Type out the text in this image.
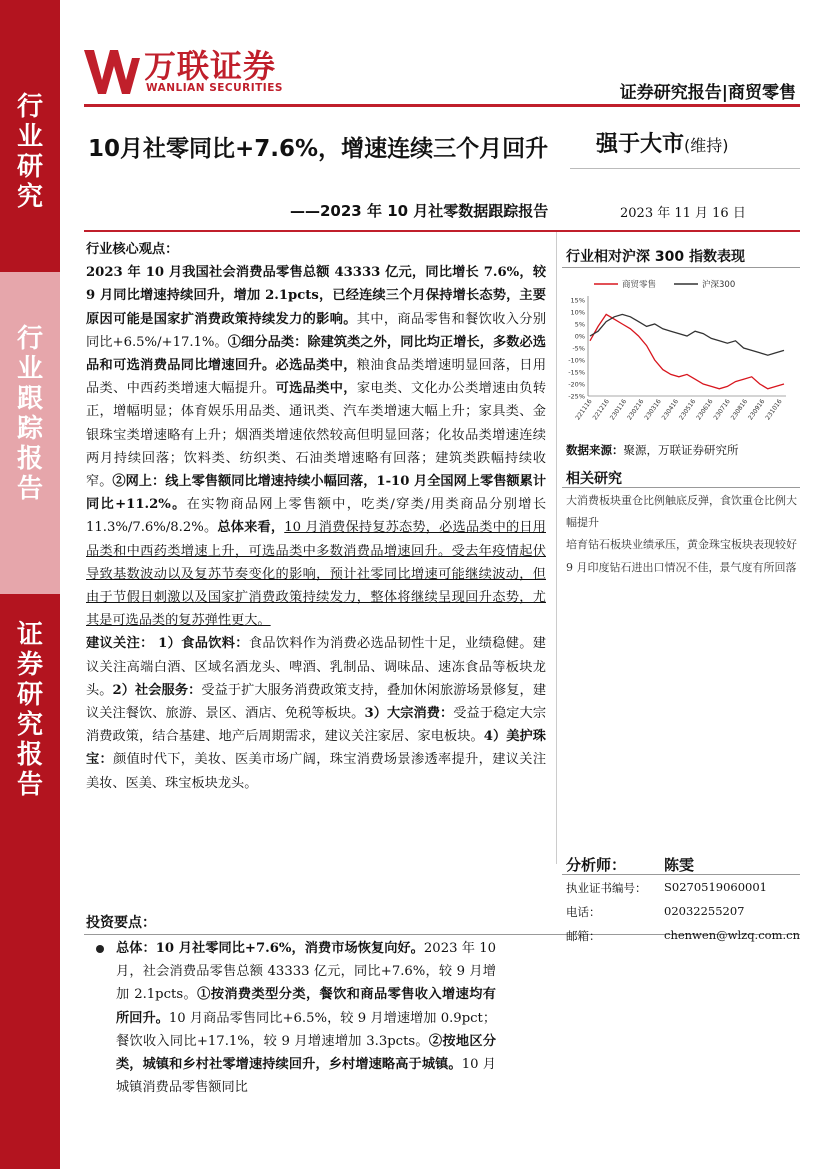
行业研究
行业跟踪报告
证券研究报告
万联证券
WANLIAN SECURITIES	证券研究报告|商贸零售
10月社零同比+7.6%，增速连续三个月回升
——2023 年 10 月社零数据跟踪报告
强于大市(维持)
2023 年 11 月 16 日
行业核心观点：
2023 年 10 月我国社会消费品零售总额 43333 亿元，同比增长 7.6%，较 9 月同比增速持续回升，增加 2.1pcts，已经连续三个月保持增长态势，主要原因可能是国家扩消费政策持续发力的影响。其中，商品零售和餐饮收入分别同比+6.5%/+17.1%。①细分品类：除建筑类之外，同比均正增长，多数必选品和可选消费品同比增速回升。必选品类中，粮油食品类增速明显回落，日用品类、中西药类增速大幅提升。可选品类中，家电类、文化办公类增速由负转正，增幅明显；体育娱乐用品类、通讯类、汽车类增速大幅上升；家具类、金银珠宝类增速略有上升；烟酒类增速依然较高但明显回落；化妆品类增速连续两月持续回落；饮料类、纺织类、石油类增速略有回落；建筑类跌幅持续收窄。②网上：线上零售额同比增速持续小幅回落，1-10 月全国网上零售额累计同比+11.2%。在实物商品网上零售额中，吃类/穿类/用类商品分别增长 11.3%/7.6%/8.2%。总体来看，10 月消费保持复苏态势，必选品类中的日用品类和中西药类增速上升，可选品类中多数消费品增速回升。受去年疫情起伏导致基数波动以及复苏节奏变化的影响，预计社零同比增速可能继续波动，但由于节假日刺激以及国家扩消费政策持续发力，整体将继续呈现回升态势，尤其是可选品类的复苏弹性更大。
建议关注： 1）食品饮料：食品饮料作为消费必选品韧性十足，业绩稳健。建议关注高端白酒、区域名酒龙头、啤酒、乳制品、调味品、速冻食品等板块龙头。2）社会服务：受益于扩大服务消费政策支持，叠加休闲旅游场景修复，建议关注餐饮、旅游、景区、酒店、免税等板块。3）大宗消费：受益于稳定大宗消费政策，结合基建、地产后周期需求，建议关注家居、家电板块。4）美护珠宝：颜值时代下，美妆、医美市场广阔，珠宝消费场景渗透率提升，建议关注美妆、医美、珠宝板块龙头。
投资要点：
总体：10 月社零同比+7.6%，消费市场恢复向好。2023 年 10 月，社会消费品零售总额 43333 亿元，同比+7.6%，较 9 月增加 2.1pcts。①按消费类型分类，餐饮和商品零售收入增速均有所回升。10 月商品零售同比+6.5%，较 9 月增速增加 0.9pct；餐饮收入同比+17.1%，较 9 月增速增加 3.3pcts。②按地区分类，城镇和乡村社零增速持续回升，乡村增速略高于城镇。10 月城镇消费品零售额同比
行业相对沪深 300 指数表现
商贸零售	沪深300
15%
10%
5%
0%
-5%
-10%
-15%
-20%
-25%
221116
221216
230116
230216
230316
230416
230516
230616
230716
230816
230916
231016
数据来源：聚源，万联证券研究所
相关研究
大消费板块重仓比例触底反弹，食饮重仓比例大幅提升
培育钻石板块业绩承压，黄金珠宝板块表现较好
9 月印度钻石进出口情况不佳，景气度有所回落
分析师：	陈雯
执业证书编号： S0270519060001
电话：	02032255207
邮箱：	chenwen@wlzq.com.cn
